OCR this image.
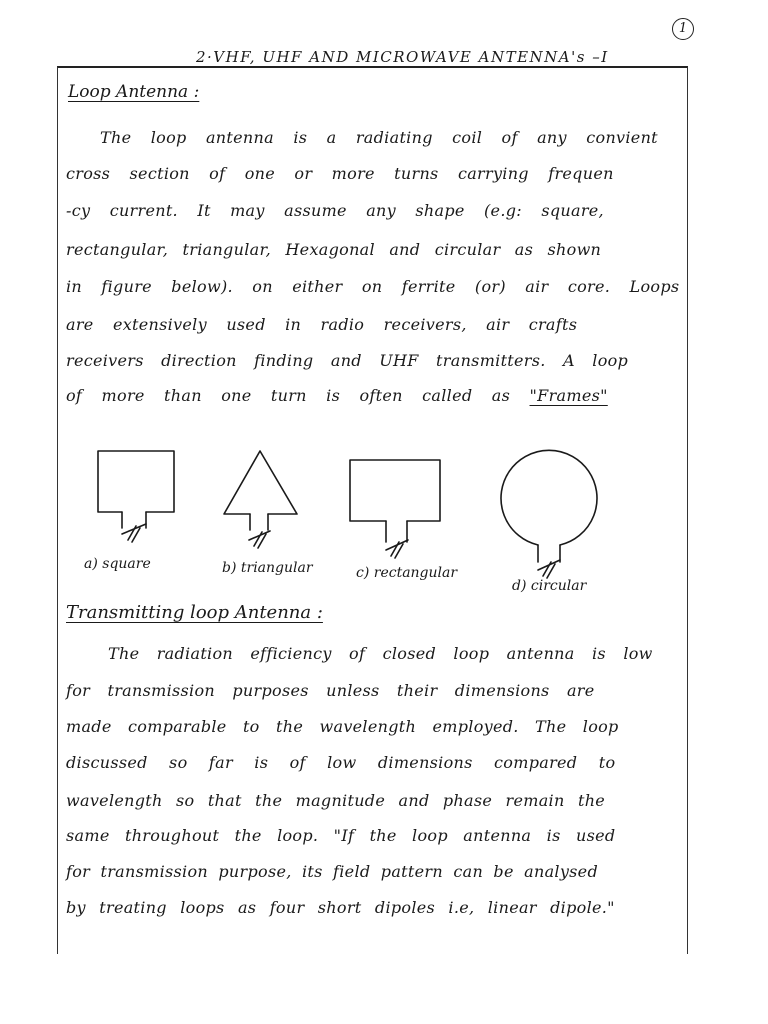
1
2·VHF, UHF AND MICROWAVE ANTENNA's –I
Loop Antenna :
The loop antenna is a radiating coil of any convient
cross section of one or more turns carrying frequen
-cy current. It may assume any shape (e.g: square,
rectangular, triangular, Hexagonal and circular as shown
in figure below). on either on ferrite (or) air core. Loops
are extensively used in radio receivers, air crafts
receivers direction finding and UHF transmitters. A loop
of more than one turn is often called as "Frames"
a) square	b) triangular	c) rectangular
d) circular
Transmitting loop Antenna :
The radiation efficiency of closed loop antenna is low
for transmission purposes unless their dimensions are
made comparable to the wavelength employed. The loop
discussed so far is of low dimensions compared to
wavelength so that the magnitude and phase remain the
same throughout the loop. "If the loop antenna is used
for transmission purpose, its field pattern can be analysed
by treating loops as four short dipoles i.e, linear dipole."
